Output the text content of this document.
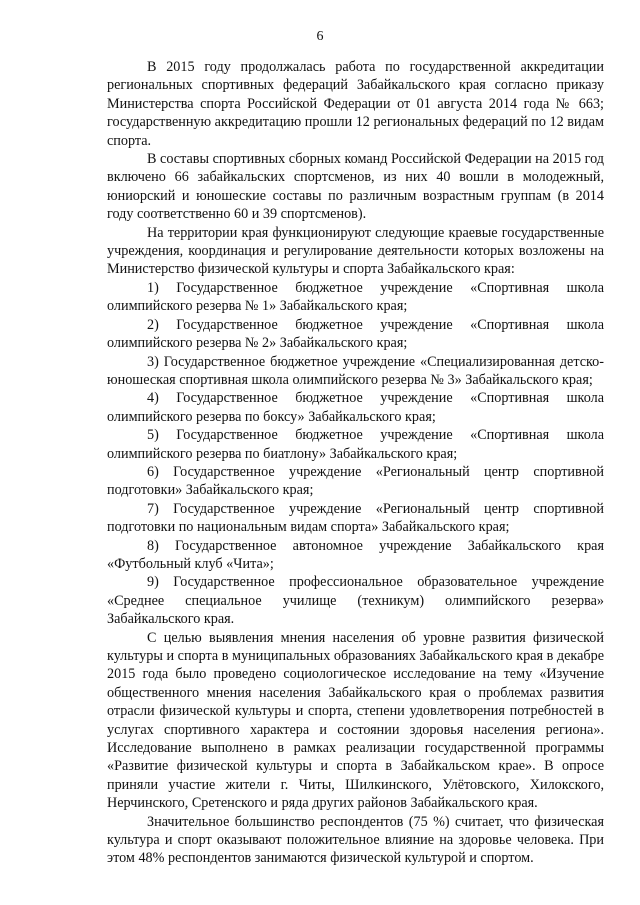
6

В 2015 году продолжалась работа по государственной аккредитации региональных спортивных федераций Забайкальского края согласно приказу Министерства спорта Российской Федерации от 01 августа 2014 года № 663; государственную аккредитацию прошли 12 региональных федераций по 12 видам спорта.

В составы спортивных сборных команд Российской Федерации на 2015 год включено 66 забайкальских спортсменов, из них 40 вошли в молодежный, юниорский и юношеские составы по различным возрастным группам (в 2014 году соответственно 60 и 39 спортсменов).

На территории края функционируют следующие краевые государственные учреждения, координация и регулирование деятельности которых возложены на Министерство физической культуры и спорта Забайкальского края:

1) Государственное бюджетное учреждение «Спортивная школа олимпийского резерва № 1» Забайкальского края;

2) Государственное бюджетное учреждение «Спортивная школа олимпийского резерва № 2» Забайкальского края;

3) Государственное бюджетное учреждение «Специализированная детско-юношеская спортивная школа олимпийского резерва № 3» Забайкальского края;

4) Государственное бюджетное учреждение «Спортивная школа олимпийского резерва по боксу» Забайкальского края;

5) Государственное бюджетное учреждение «Спортивная школа олимпийского резерва по биатлону» Забайкальского края;

6) Государственное учреждение «Региональный центр спортивной подготовки» Забайкальского края;

7) Государственное учреждение «Региональный центр спортивной подготовки по национальным видам спорта» Забайкальского края;

8) Государственное автономное учреждение Забайкальского края «Футбольный клуб «Чита»;

9) Государственное профессиональное образовательное учреждение «Среднее специальное училище (техникум) олимпийского резерва» Забайкальского края.

С целью выявления мнения населения об уровне развития физической культуры и спорта в муниципальных образованиях Забайкальского края в декабре 2015 года было проведено социологическое исследование на тему «Изучение общественного мнения населения Забайкальского края о проблемах развития отрасли физической культуры и спорта, степени удовлетворения потребностей в услугах спортивного характера и состоянии здоровья населения региона». Исследование выполнено в рамках реализации государственной программы «Развитие физической культуры и спорта в Забайкальском крае». В опросе приняли участие жители г. Читы, Шилкинского, Улётовского, Хилокского, Нерчинского, Сретенского и ряда других районов Забайкальского края.

Значительное большинство респондентов (75 %) считает, что физическая культура и спорт оказывают положительное влияние на здоровье человека. При этом 48% респондентов занимаются физической культурой и спортом.
